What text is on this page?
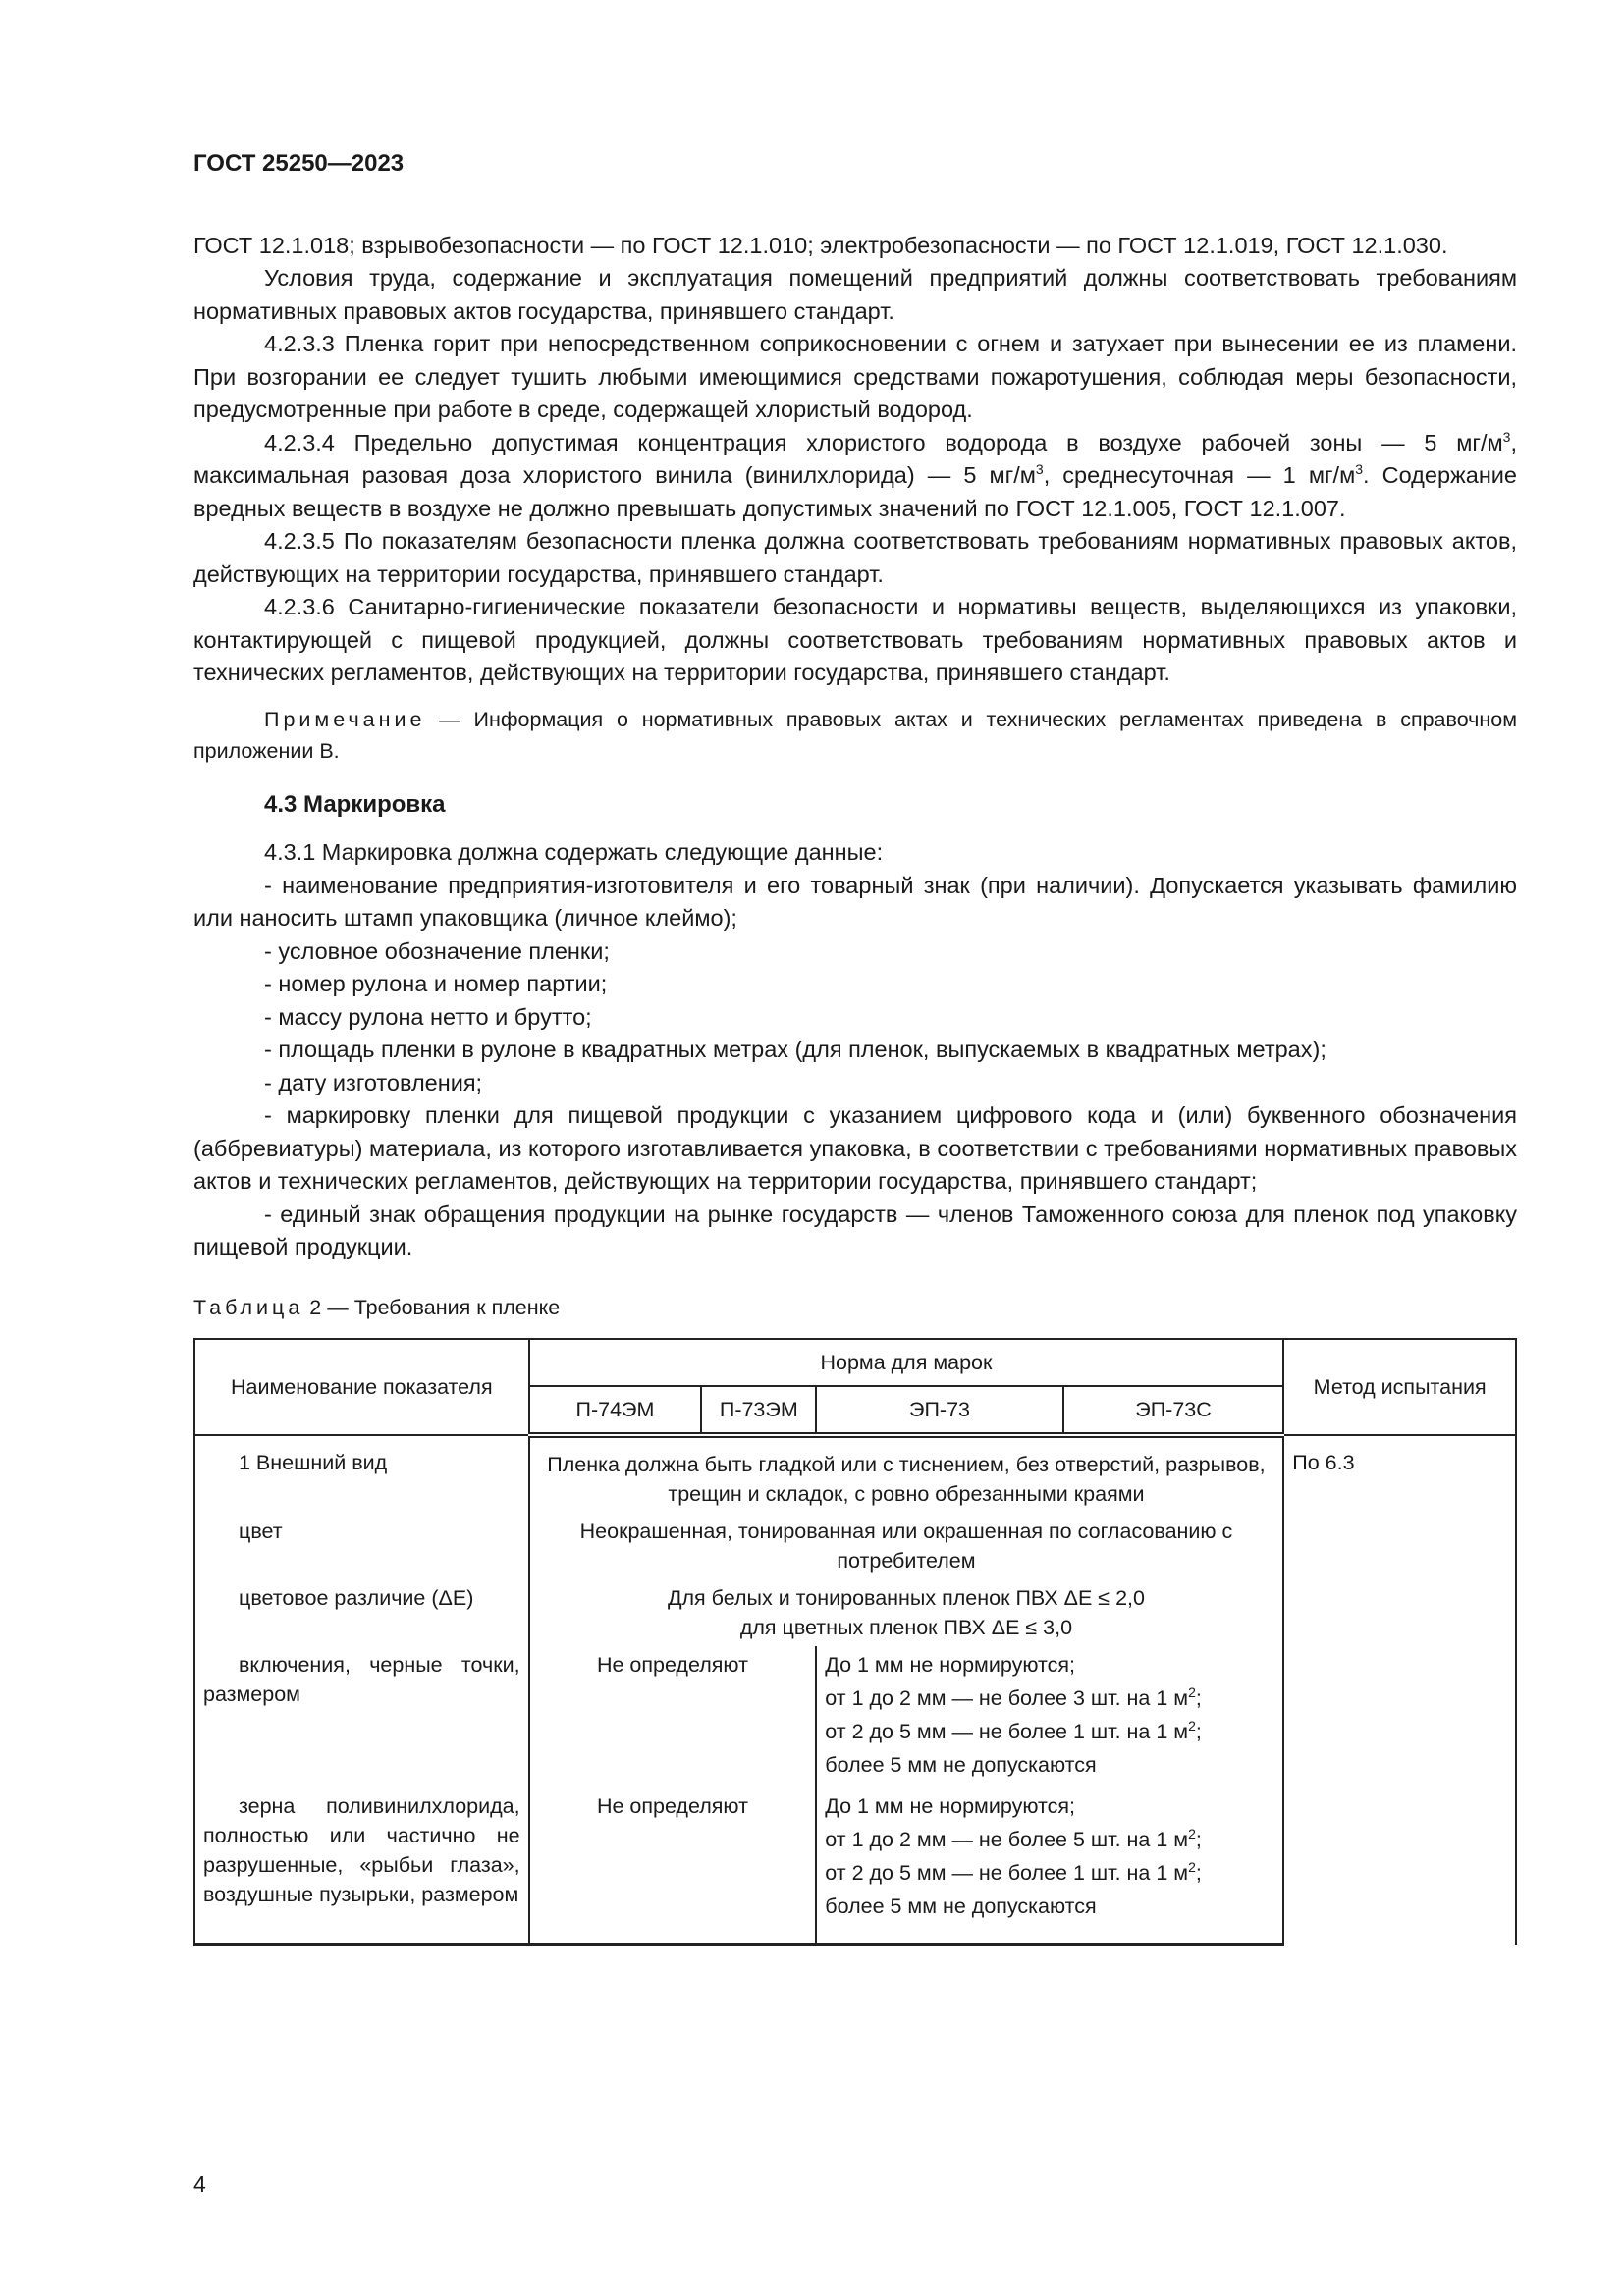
ГОСТ 25250—2023

ГОСТ 12.1.018; взрывобезопасности — по ГОСТ 12.1.010; электробезопасности — по ГОСТ 12.1.019, ГОСТ 12.1.030.

Условия труда, содержание и эксплуатация помещений предприятий должны соответствовать требованиям нормативных правовых актов государства, принявшего стандарт.

4.2.3.3 Пленка горит при непосредственном соприкосновении с огнем и затухает при вынесении ее из пламени. При возгорании ее следует тушить любыми имеющимися средствами пожаротушения, соблюдая меры безопасности, предусмотренные при работе в среде, содержащей хлористый водород.

4.2.3.4 Предельно допустимая концентрация хлористого водорода в воздухе рабочей зоны — 5 $мг/м^3$, максимальная разовая доза хлористого винила (винилхлорида) — 5 $мг/м^3$, среднесуточная — 1 $мг/м^3$. Содержание вредных веществ в воздухе не должно превышать допустимых значений по ГОСТ 12.1.005, ГОСТ 12.1.007.

4.2.3.5 По показателям безопасности пленка должна соответствовать требованиям нормативных правовых актов, действующих на территории государства, принявшего стандарт.

4.2.3.6 Санитарно-гигиенические показатели безопасности и нормативы веществ, выделяющихся из упаковки, контактирующей с пищевой продукцией, должны соответствовать требованиям нормативных правовых актов и технических регламентов, действующих на территории государства, принявшего стандарт.

Примечание — Информация о нормативных правовых актах и технических регламентах приведена в справочном приложении В.

4.3 Маркировка

4.3.1 Маркировка должна содержать следующие данные:

- наименование предприятия-изготовителя и его товарный знак (при наличии). Допускается указывать фамилию или наносить штамп упаковщика (личное клеймо);

- условное обозначение пленки;

- номер рулона и номер партии;

- массу рулона нетто и брутто;

- площадь пленки в рулоне в квадратных метрах (для пленок, выпускаемых в квадратных метрах);

- дату изготовления;

- маркировку пленки для пищевой продукции с указанием цифрового кода и (или) буквенного обозначения (аббревиатуры) материала, из которого изготавливается упаковка, в соответствии с требованиями нормативных правовых актов и технических регламентов, действующих на территории государства, принявшего стандарт;

- единый знак обращения продукции на рынке государств — членов Таможенного союза для пленок под упаковку пищевой продукции.

Таблица 2 — Требования к пленке
Наименование показателя	Норма для марок				Метод испытания
	П-74ЭМ	П-73ЭМ	ЭП-73	ЭП-73С	
1 Внешний вид	Пленка должна быть гладкой или с тиснением, без отверстий, разрывов, трещин и складок, с ровно обрезанными краями				По 6.3
цвет	Неокрашенная, тонированная или окрашенная по согласованию с потребителем				
цветовое различие (ΔE)	Для белых и тонированных пленок ПВХ ΔE ≤ 2,0
для цветных пленок ПВХ ΔE ≤ 3,0				

включения, черные точки, размером	Не определяют		До 1 мм не нормируются;
от 1 до 2 мм — не более 3 шт. на 1 $м^2$;
от 2 до 5 мм — не более 1 шт. на 1 $м^2$;
более 5 мм не допускаются		

зерна поливинилхлорида, полностью или частично не разрушенные, «рыбьи глаза», воздушные пузырьки, размером	Не определяют		До 1 мм не нормируются;
от 1 до 2 мм — не более 5 шт. на 1 $м^2$;
от 2 до 5 мм — не более 1 шт. на 1 $м^2$;
более 5 мм не допускаются		
4
